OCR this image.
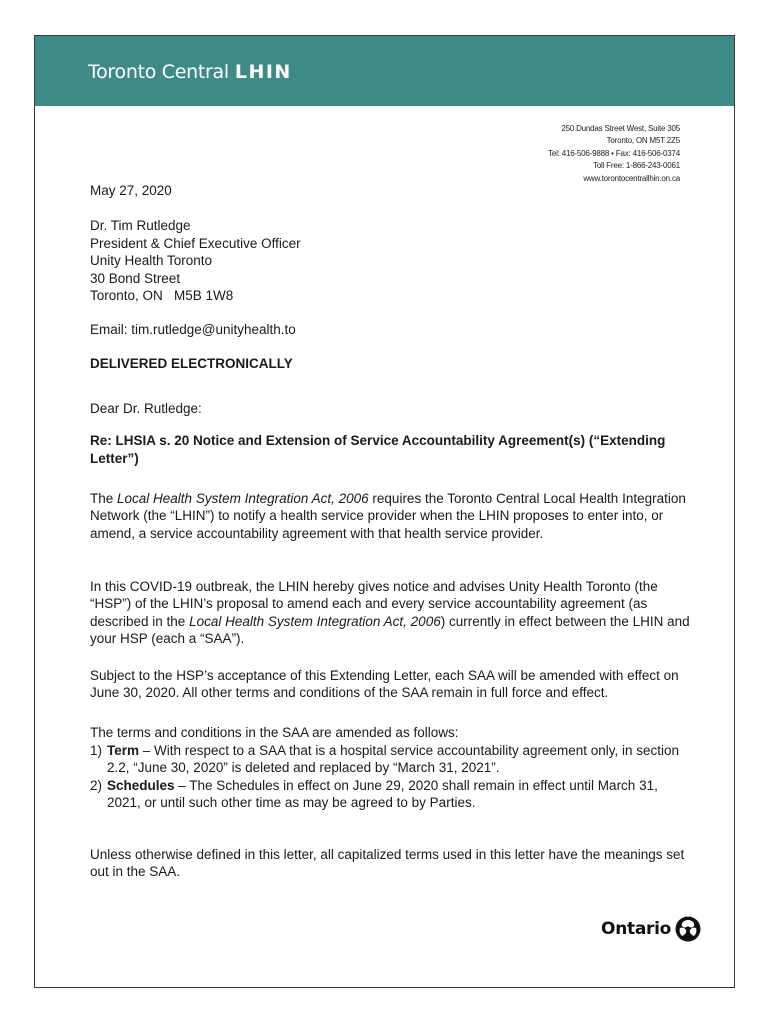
Toronto Central LHIN
250 Dundas Street West, Suite 305
Toronto, ON M5T 2Z5
Tel: 416-506-9888 • Fax: 416-506-0374
Toll Free: 1-866-243-0061
www.torontocentrallhin.on.ca
May 27, 2020
Dr. Tim Rutledge
President & Chief Executive Officer
Unity Health Toronto
30 Bond Street
Toronto, ON   M5B 1W8
Email: tim.rutledge@unityhealth.to
DELIVERED ELECTRONICALLY
Dear Dr. Rutledge:
Re: LHSIA s. 20 Notice and Extension of Service Accountability Agreement(s) (“Extending Letter”)

The Local Health System Integration Act, 2006 requires the Toronto Central Local Health Integration Network (the “LHIN”) to notify a health service provider when the LHIN proposes to enter into, or amend, a service accountability agreement with that health service provider.

In this COVID-19 outbreak, the LHIN hereby gives notice and advises Unity Health Toronto (the “HSP”) of the LHIN’s proposal to amend each and every service accountability agreement (as described in the Local Health System Integration Act, 2006) currently in effect between the LHIN and your HSP (each a “SAA”).

Subject to the HSP’s acceptance of this Extending Letter, each SAA will be amended with effect on June 30, 2020. All other terms and conditions of the SAA remain in full force and effect.

The terms and conditions in the SAA are amended as follows:
1) Term – With respect to a SAA that is a hospital service accountability agreement only, in section 2.2, “June 30, 2020” is deleted and replaced by “March 31, 2021”.
2) Schedules – The Schedules in effect on June 29, 2020 shall remain in effect until March 31, 2021, or until such other time as may be agreed to by Parties.

Unless otherwise defined in this letter, all capitalized terms used in this letter have the meanings set out in the SAA.

Ontario
